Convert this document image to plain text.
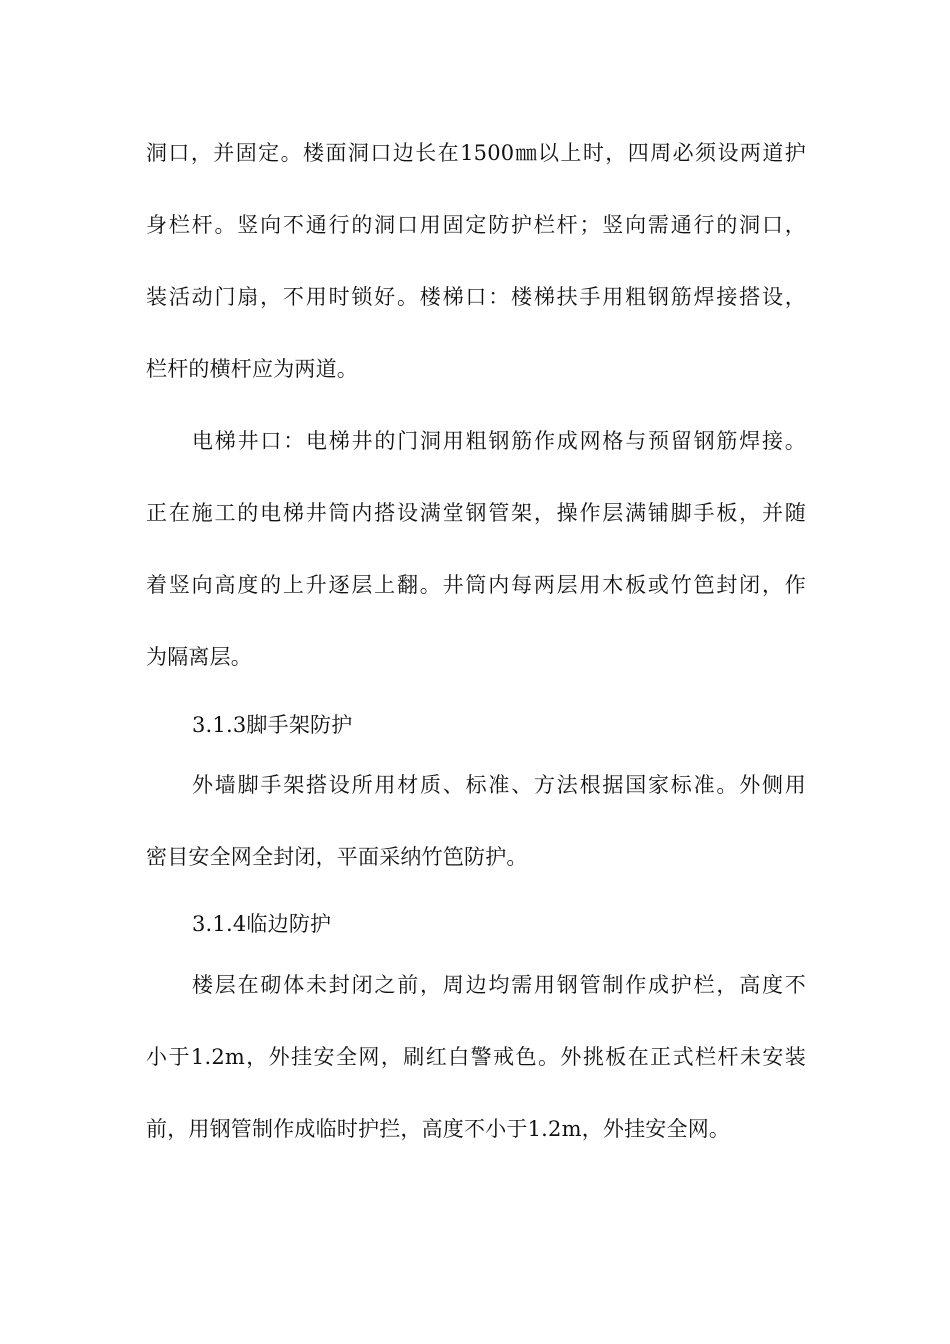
洞口，并固定。楼面洞口边长在1500㎜以上时，四周必须设两道护
身栏杆。竖向不通行的洞口用固定防护栏杆；竖向需通行的洞口，
装活动门扇，不用时锁好。楼梯口：楼梯扶手用粗钢筋焊接搭设，
栏杆的横杆应为两道。
电梯井口：电梯井的门洞用粗钢筋作成网格与预留钢筋焊接。
正在施工的电梯井筒内搭设满堂钢管架，操作层满铺脚手板，并随
着竖向高度的上升逐层上翻。井筒内每两层用木板或竹笆封闭，作
为隔离层。
3.1.3脚手架防护
外墙脚手架搭设所用材质、标准、方法根据国家标准。外侧用
密目安全网全封闭，平面采纳竹笆防护。
3.1.4临边防护
楼层在砌体未封闭之前，周边均需用钢管制作成护栏，高度不
小于1.2m，外挂安全网，刷红白警戒色。外挑板在正式栏杆未安装
前，用钢管制作成临时护拦，高度不小于1.2m，外挂安全网。
